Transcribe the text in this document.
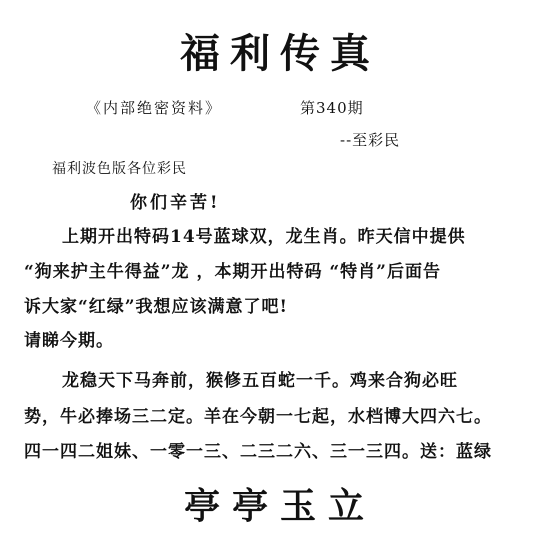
福利传真
《内部绝密资料》	第340期
--至彩民
福利波色版各位彩民
你们辛苦!
上期开出特码14号蓝球双，龙生肖。昨天信中提供
“狗来护主牛得益”龙 ，本期开出特码 “特肖”后面告
诉大家“红绿”我想应该满意了吧!
请睇今期。
龙稳天下马奔前，猴修五百蛇一千。鸡来合狗必旺
势，牛必捧场三二定。羊在今朝一七起，水档博大四六七。
四一四二姐妹、一零一三、二三二六、三一三四。送：蓝绿
亭亭玉立
